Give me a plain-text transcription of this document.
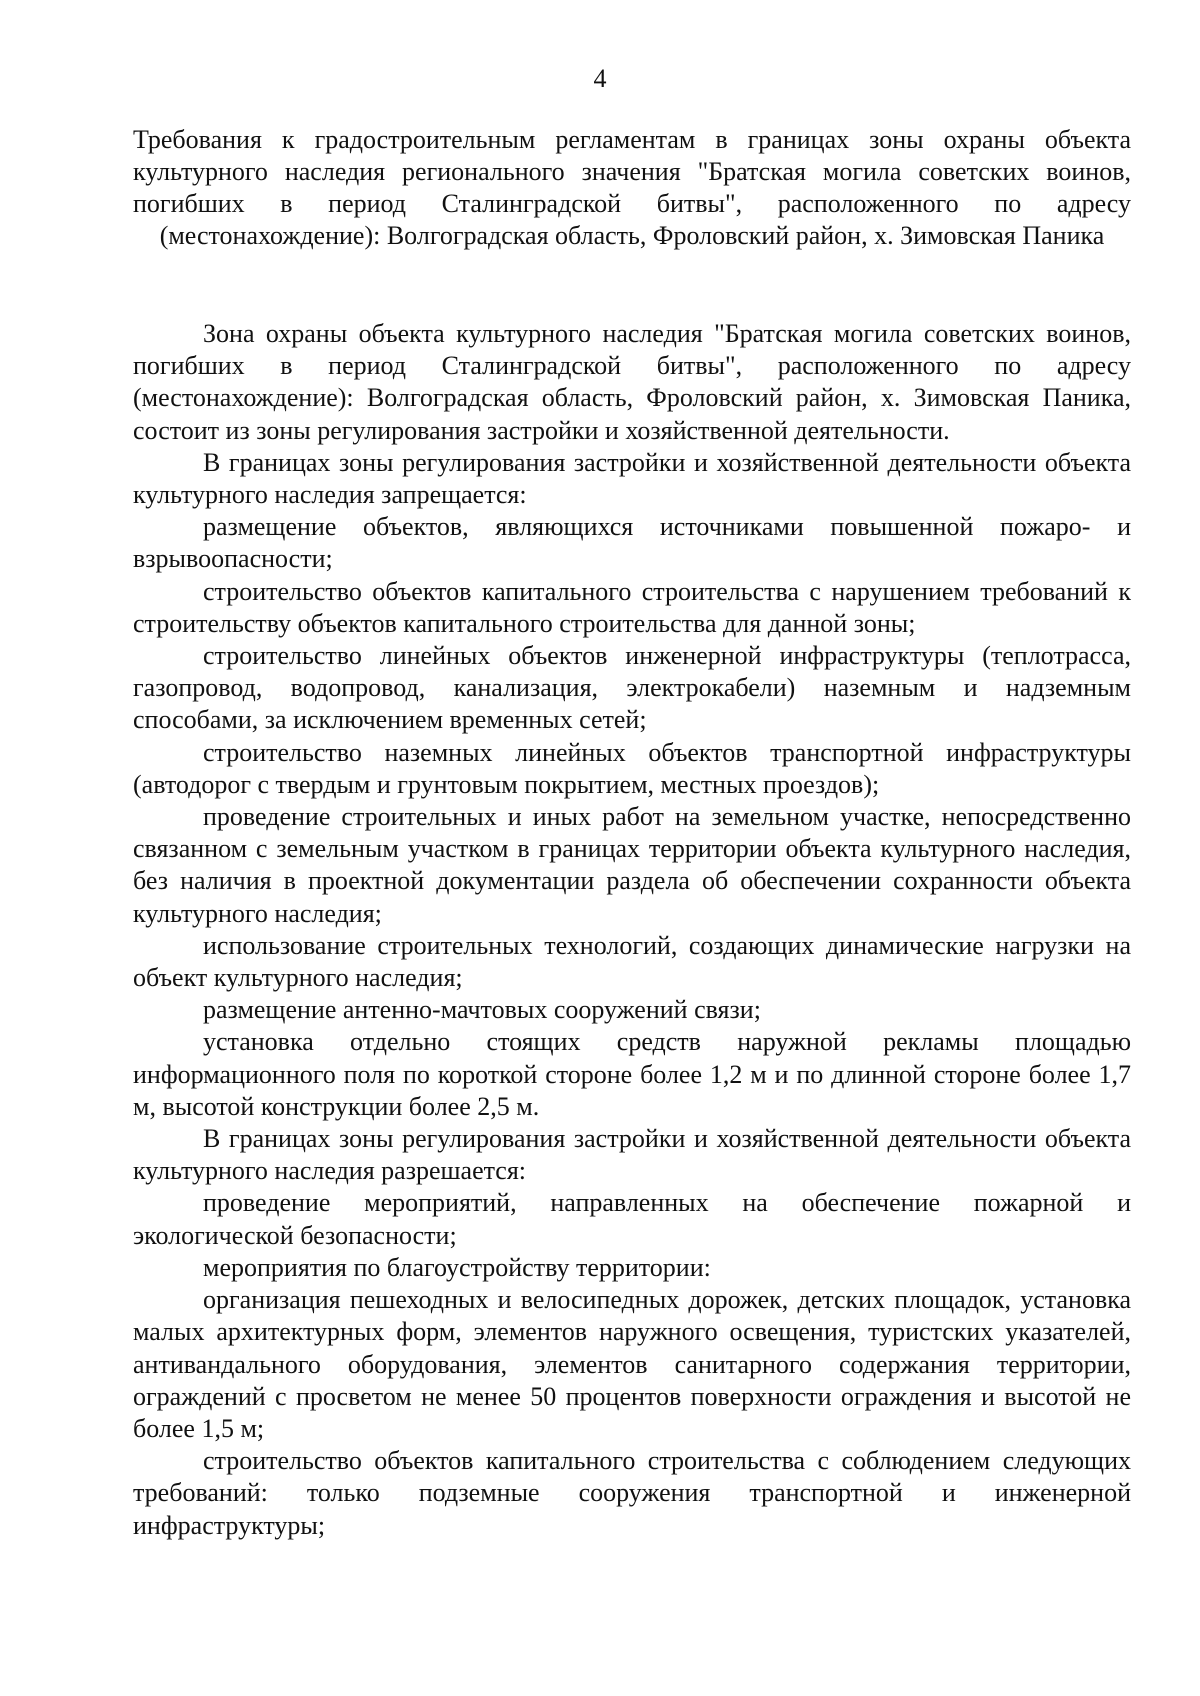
4
Требования к градостроительным регламентам в границах зоны охраны объекта культурного наследия регионального значения "Братская могила советских воинов, погибших в период Сталинградской битвы", расположенного по адресу (местонахождение): Волгоградская область, Фроловский район, х. Зимовская Паника

Зона охраны объекта культурного наследия "Братская могила советских воинов, погибших в период Сталинградской битвы", расположенного по адресу (местонахождение): Волгоградская область, Фроловский район, х. Зимовская Паника, состоит из зоны регулирования застройки и хозяйственной деятельности.

В границах зоны регулирования застройки и хозяйственной деятельности объекта культурного наследия запрещается:

размещение объектов, являющихся источниками повышенной пожаро- и взрывоопасности;

строительство объектов капитального строительства с нарушением требований к строительству объектов капитального строительства для данной зоны;

строительство линейных объектов инженерной инфраструктуры (теплотрасса, газопровод, водопровод, канализация, электрокабели) наземным и надземным способами, за исключением временных сетей;

строительство наземных линейных объектов транспортной инфраструктуры (автодорог с твердым и грунтовым покрытием, местных проездов);

проведение строительных и иных работ на земельном участке, непосредственно связанном с земельным участком в границах территории объекта культурного наследия, без наличия в проектной документации раздела об обеспечении сохранности объекта культурного наследия;

использование строительных технологий, создающих динамические нагрузки на объект культурного наследия;

размещение антенно-мачтовых сооружений связи;

установка отдельно стоящих средств наружной рекламы площадью информационного поля по короткой стороне более 1,2 м и по длинной стороне более 1,7 м, высотой конструкции более 2,5 м.

В границах зоны регулирования застройки и хозяйственной деятельности объекта культурного наследия разрешается:

проведение мероприятий, направленных на обеспечение пожарной и экологической безопасности;

мероприятия по благоустройству территории:

организация пешеходных и велосипедных дорожек, детских площадок, установка малых архитектурных форм, элементов наружного освещения, туристских указателей, антивандального оборудования, элементов санитарного содержания территории, ограждений с просветом не менее 50 процентов поверхности ограждения и высотой не более 1,5 м;

строительство объектов капитального строительства с соблюдением следующих требований: только подземные сооружения транспортной и инженерной инфраструктуры;
